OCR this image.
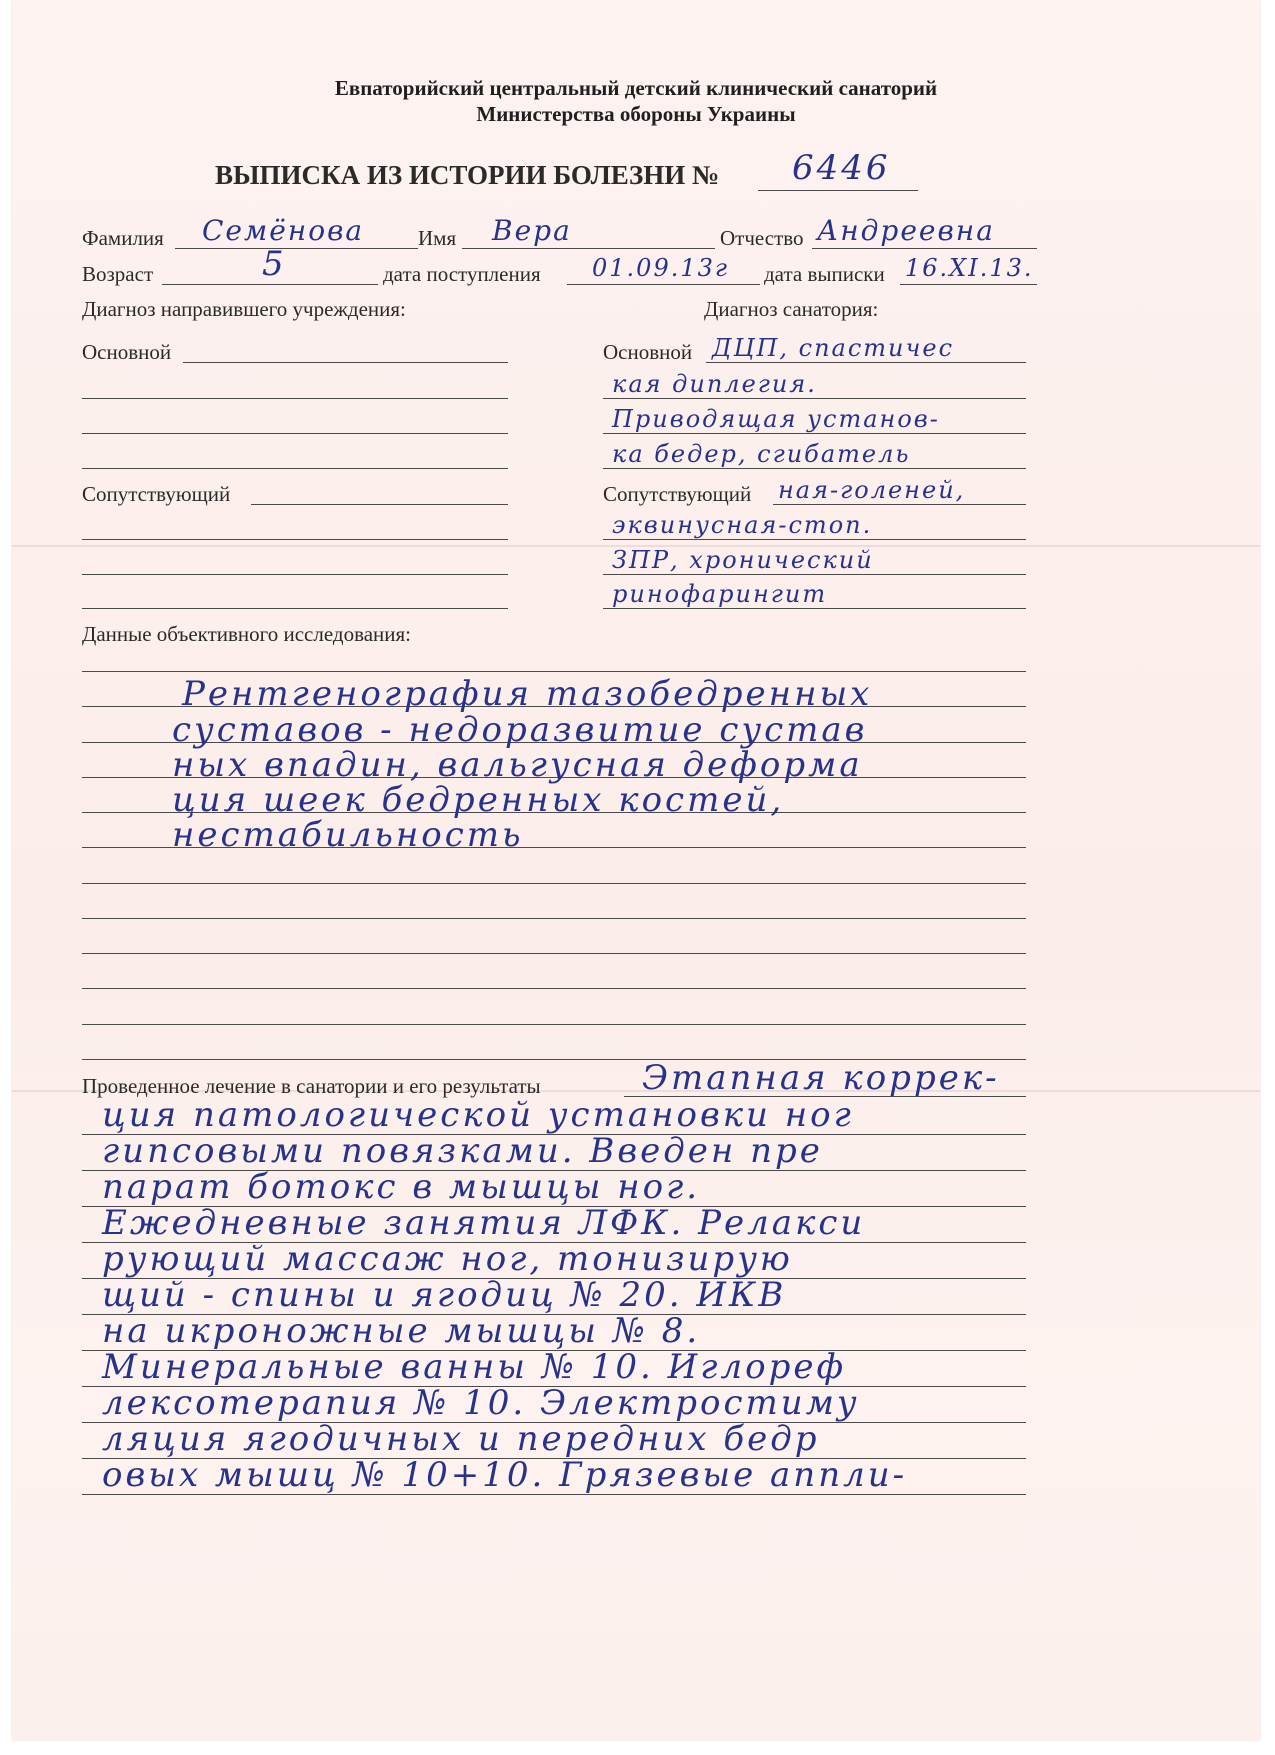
Евпаторийский центральный детский клинический санаторий
Министерства обороны Украины
ВЫПИСКА ИЗ ИСТОРИИ БОЛЕЗНИ № 6446
Фамилия Семёнова	Имя Вера	Отчество Андреевна
Возраст	5	дата поступления 01.09.13г дата выписки 16.XI.13.
Диагноз направившего учреждения:	Диагноз санатория:
Основной	Основной ДЦП, спастичес
кая диплегия.
Приводящая установ-
ка бедер, сгибатель
Сопутствующий	Сопутствующий ная-голеней,
эквинусная-стоп.
ЗПР, хронический
ринофарингит
Данные объективного исследования:
Рентгенография тазобедренных
суставов - недоразвитие сустав
ных впадин, вальгусная деформа
ция шеек бедренных костей,
нестабильность
Проведенное лечение в санатории и его результаты	Этапная коррек-
ция патологической установки ног
гипсовыми повязками. Введен пре
парат ботокс в мышцы ног.
Ежедневные занятия ЛФК. Релакси
рующий массаж ног, тонизирую
щий - спины и ягодиц № 20. ИКВ
на икроножные мышцы № 8.
Минеральные ванны № 10. Иглореф
лексотерапия № 10. Электростиму
ляция ягодичных и передних бедр
овых мышц № 10+10. Грязевые аппли-
